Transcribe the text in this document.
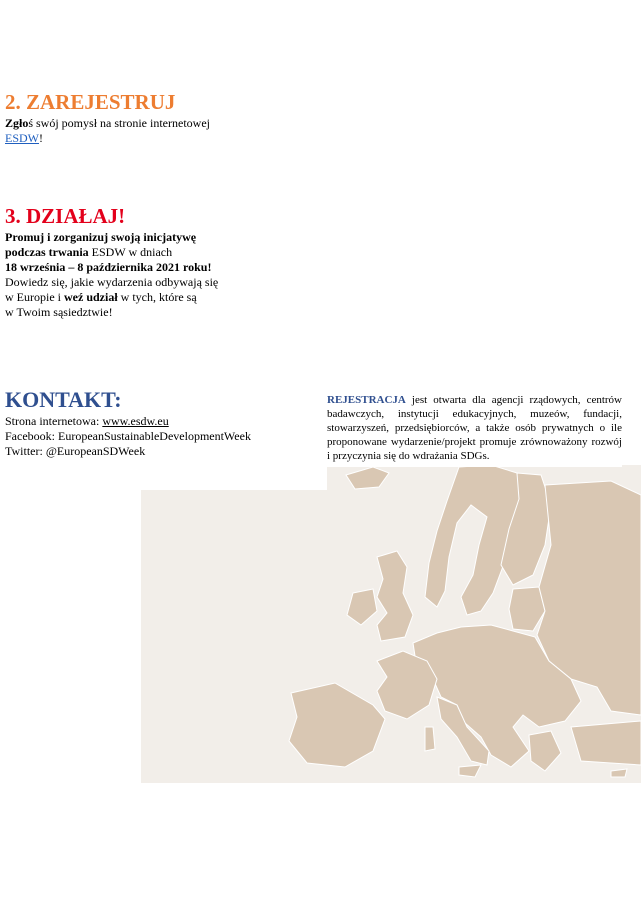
2. ZAREJESTRUJ
Zgłoś swój pomysł na stronie internetowej
ESDW!
3. DZIAŁAJ!
Promuj i zorganizuj swoją inicjatywę
podczas trwania ESDW w dniach
18 września – 8 października 2021 roku!
Dowiedz się, jakie wydarzenia odbywają się
w Europie i weź udział w tych, które są
w Twoim sąsiedztwie!
KONTAKT:
Strona internetowa: www.esdw.eu
Facebook: EuropeanSustainableDevelopmentWeek
Twitter: @EuropeanSDWeek
REJESTRACJA jest otwarta dla agencji rządowych, centrów badawczych, instytucji edukacyjnych, muzeów, fundacji, stowarzyszeń, przedsiębiorców, a także osób prywatnych o ile proponowane wydarzenie/projekt promuje zrównoważony rozwój i przyczynia się do wdrażania SDGs.
